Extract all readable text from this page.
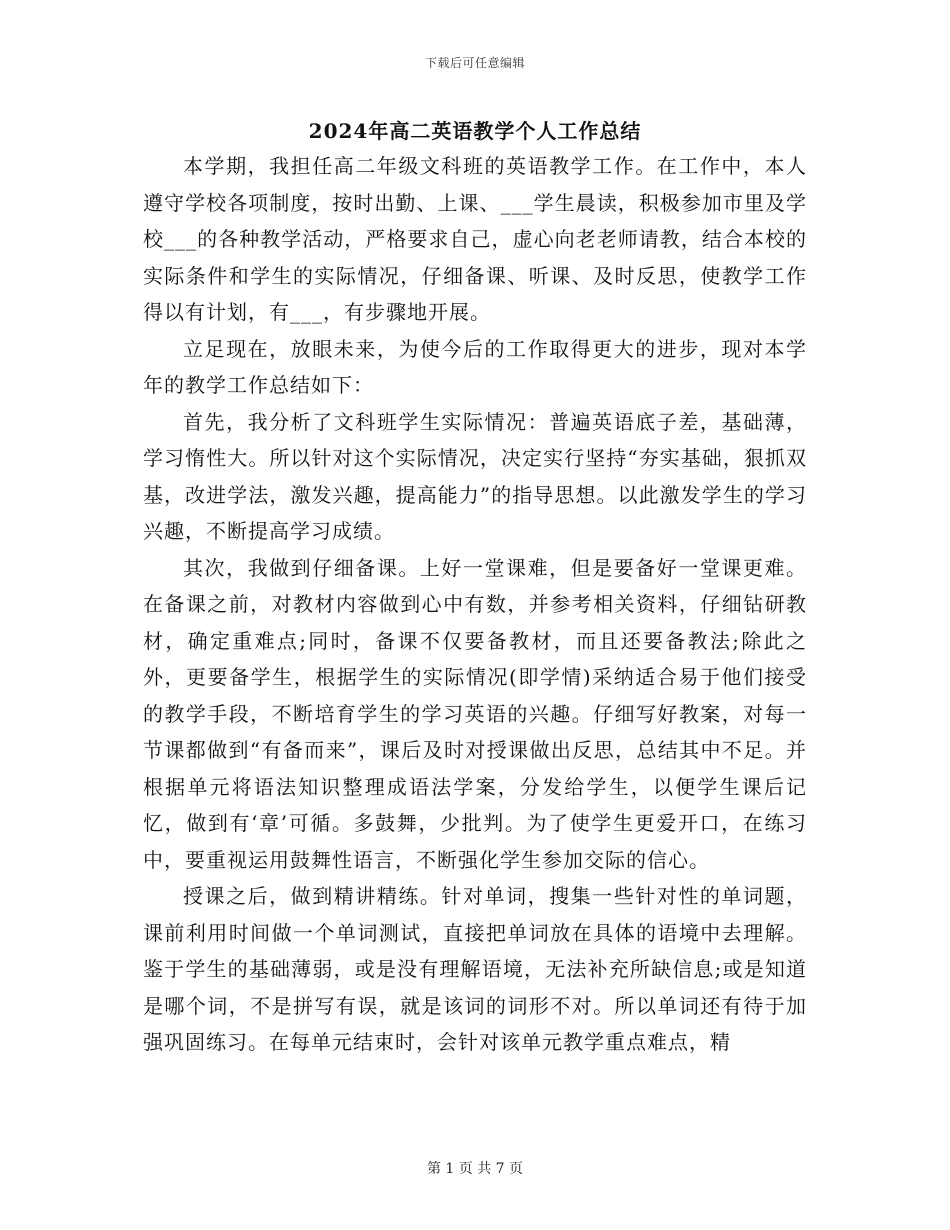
下载后可任意编辑
2024年高二英语教学个人工作总结

本学期，我担任高二年级文科班的英语教学工作。在工作中，本人遵守学校各项制度，按时出勤、上课、___学生晨读，积极参加市里及学校___的各种教学活动，严格要求自己，虚心向老老师请教，结合本校的实际条件和学生的实际情况，仔细备课、听课、及时反思，使教学工作得以有计划，有___，有步骤地开展。

立足现在，放眼未来，为使今后的工作取得更大的进步，现对本学年的教学工作总结如下：

首先，我分析了文科班学生实际情况：普遍英语底子差，基础薄，学习惰性大。所以针对这个实际情况，决定实行坚持“夯实基础，狠抓双基，改进学法，激发兴趣，提高能力”的指导思想。以此激发学生的学习兴趣，不断提高学习成绩。

其次，我做到仔细备课。上好一堂课难，但是要备好一堂课更难。在备课之前，对教材内容做到心中有数，并参考相关资料，仔细钻研教材，确定重难点;同时，备课不仅要备教材，而且还要备教法;除此之外，更要备学生，根据学生的实际情况(即学情)采纳适合易于他们接受的教学手段，不断培育学生的学习英语的兴趣。仔细写好教案，对每一节课都做到“有备而来”，课后及时对授课做出反思，总结其中不足。并根据单元将语法知识整理成语法学案，分发给学生，以便学生课后记忆，做到有‘章’可循。多鼓舞，少批判。为了使学生更爱开口，在练习中，要重视运用鼓舞性语言，不断强化学生参加交际的信心。

授课之后，做到精讲精练。针对单词，搜集一些针对性的单词题，课前利用时间做一个单词测试，直接把单词放在具体的语境中去理解。鉴于学生的基础薄弱，或是没有理解语境，无法补充所缺信息;或是知道是哪个词，不是拼写有误，就是该词的词形不对。所以单词还有待于加强巩固练习。在每单元结束时，会针对该单元教学重点难点，精

第 1 页 共 7 页
